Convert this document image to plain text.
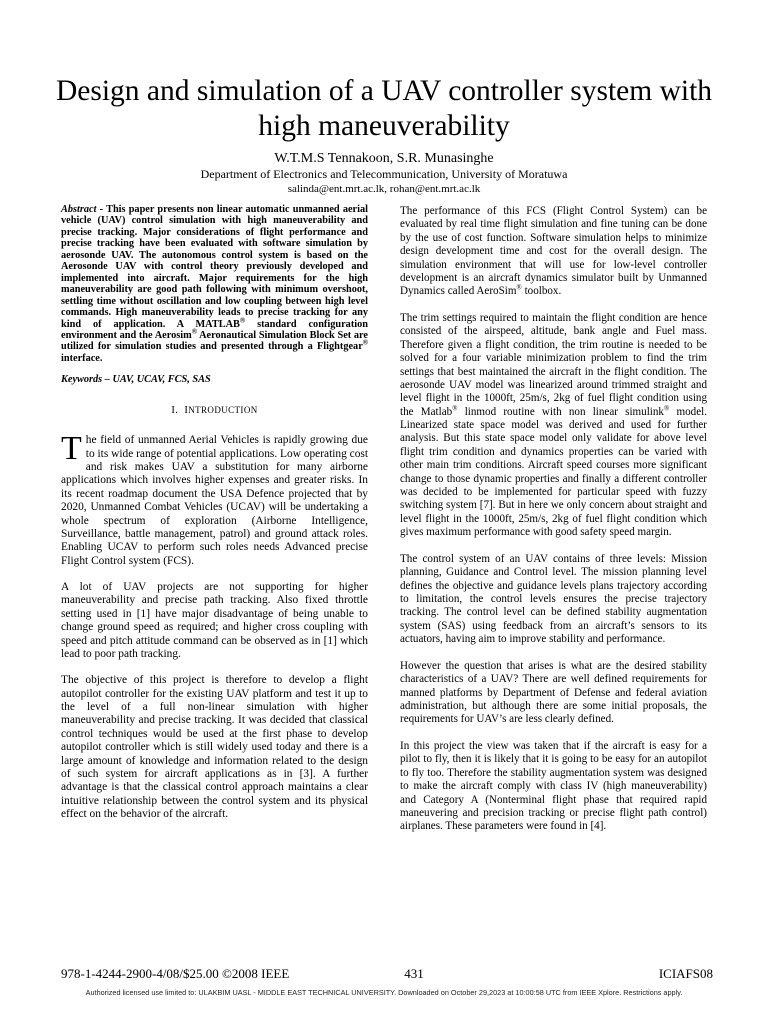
Design and simulation of a UAV controller system with high maneuverability
W.T.M.S Tennakoon, S.R. Munasinghe
Department of Electronics and Telecommunication, University of Moratuwa
salinda@ent.mrt.ac.lk, rohan@ent.mrt.ac.lk

Abstract - This paper presents non linear automatic unmanned aerial vehicle (UAV) control simulation with high maneuverability and precise tracking. Major considerations of flight performance and precise tracking have been evaluated with software simulation by aerosonde UAV. The autonomous control system is based on the Aerosonde UAV with control theory previously developed and implemented into aircraft. Major requirements for the high maneuverability are good path following with minimum overshoot, settling time without oscillation and low coupling between high level commands. High maneuverability leads to precise tracking for any kind of application. A MATLAB® standard configuration environment and the Aerosim® Aeronautical Simulation Block Set are utilized for simulation studies and presented through a Flightgear® interface.

Keywords – UAV, UCAV, FCS, SAS
I. INTRODUCTION

The field of unmanned Aerial Vehicles is rapidly growing due to its wide range of potential applications. Low operating cost and risk makes UAV a substitution for many airborne applications which involves higher expenses and greater risks. In its recent roadmap document the USA Defence projected that by 2020, Unmanned Combat Vehicles (UCAV) will be undertaking a whole spectrum of exploration (Airborne Intelligence, Surveillance, battle management, patrol) and ground attack roles. Enabling UCAV to perform such roles needs Advanced precise Flight Control system (FCS).

A lot of UAV projects are not supporting for higher maneuverability and precise path tracking. Also fixed throttle setting used in [1] have major disadvantage of being unable to change ground speed as required; and higher cross coupling with speed and pitch attitude command can be observed as in [1] which lead to poor path tracking.

The objective of this project is therefore to develop a flight autopilot controller for the existing UAV platform and test it up to the level of a full non-linear simulation with higher maneuverability and precise tracking. It was decided that classical control techniques would be used at the first phase to develop autopilot controller which is still widely used today and there is a large amount of knowledge and information related to the design of such system for aircraft applications as in [3]. A further advantage is that the classical control approach maintains a clear intuitive relationship between the control system and its physical effect on the behavior of the aircraft.

The performance of this FCS (Flight Control System) can be evaluated by real time flight simulation and fine tuning can be done by the use of cost function. Software simulation helps to minimize design development time and cost for the overall design. The simulation environment that will use for low-level controller development is an aircraft dynamics simulator built by Unmanned Dynamics called AeroSim® toolbox.

The trim settings required to maintain the flight condition are hence consisted of the airspeed, altitude, bank angle and Fuel mass. Therefore given a flight condition, the trim routine is needed to be solved for a four variable minimization problem to find the trim settings that best maintained the aircraft in the flight condition. The aerosonde UAV model was linearized around trimmed straight and level flight in the 1000ft, 25m/s, 2kg of fuel flight condition using the Matlab® linmod routine with non linear simulink® model. Linearized state space model was derived and used for further analysis. But this state space model only validate for above level flight trim condition and dynamics properties can be varied with other main trim conditions. Aircraft speed courses more significant change to those dynamic properties and finally a different controller was decided to be implemented for particular speed with fuzzy switching system [7]. But in here we only concern about straight and level flight in the 1000ft, 25m/s, 2kg of fuel flight condition which gives maximum performance with good safety speed margin.

The control system of an UAV contains of three levels: Mission planning, Guidance and Control level. The mission planning level defines the objective and guidance levels plans trajectory according to limitation, the control levels ensures the precise trajectory tracking. The control level can be defined stability augmentation system (SAS) using feedback from an aircraft’s sensors to its actuators, having aim to improve stability and performance.

However the question that arises is what are the desired stability characteristics of a UAV? There are well defined requirements for manned platforms by Department of Defense and federal aviation administration, but although there are some initial proposals, the requirements for UAV’s are less clearly defined.

In this project the view was taken that if the aircraft is easy for a pilot to fly, then it is likely that it is going to be easy for an autopilot to fly too. Therefore the stability augmentation system was designed to make the aircraft comply with class IV (high maneuverability) and Category A (Nonterminal flight phase that required rapid maneuvering and precision tracking or precise flight path control) airplanes. These parameters were found in [4].

978-1-4244-2900-4/08/$25.00 ©2008 IEEE	431	ICIAFS08
Authorized licensed use limited to: ULAKBIM UASL - MIDDLE EAST TECHNICAL UNIVERSITY. Downloaded on October 29,2023 at 10:00:58 UTC from IEEE Xplore. Restrictions apply.
